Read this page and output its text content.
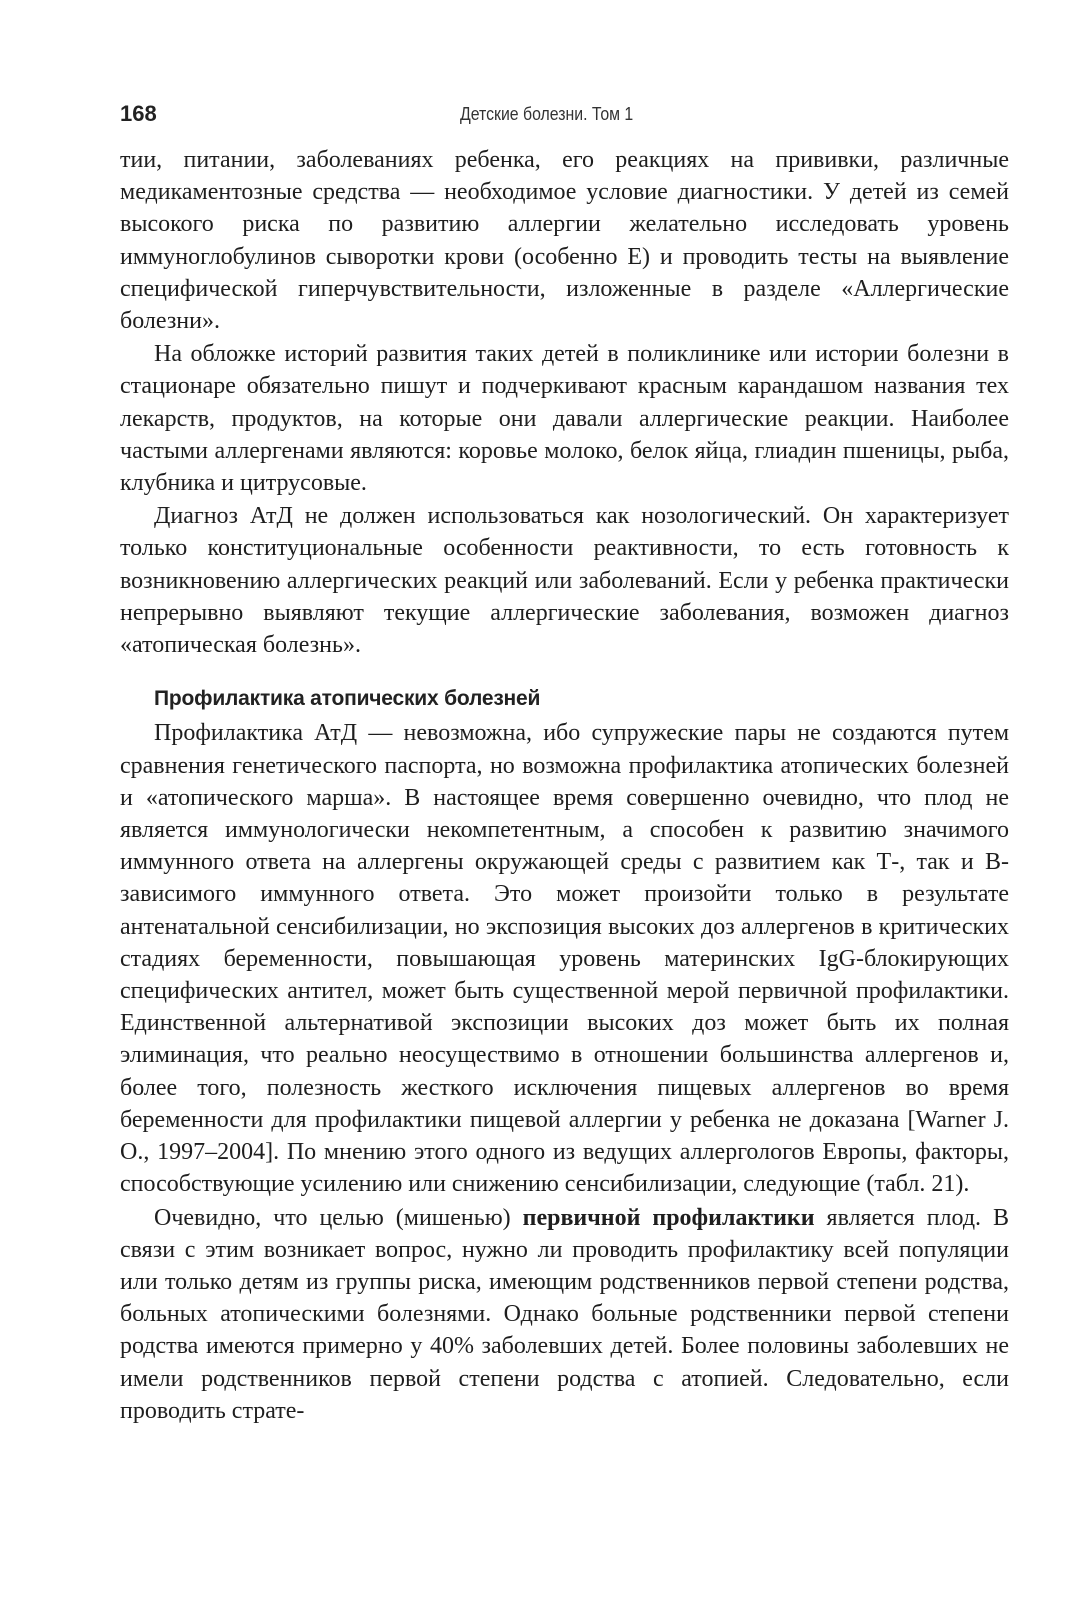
168	Детские болезни. Том 1

тии, питании, заболеваниях ребенка, его реакциях на прививки, различные медикаментозные средства — необходимое условие диагностики. У детей из семей высокого риска по развитию аллергии желательно исследовать уровень иммуноглобулинов сыворотки крови (особенно E) и проводить тесты на выявление специфической гиперчувствительности, изложенные в разделе «Аллергические болезни».

На обложке историй развития таких детей в поликлинике или истории болезни в стационаре обязательно пишут и подчеркивают красным карандашом названия тех лекарств, продуктов, на которые они давали аллергические реакции. Наиболее частыми аллергенами являются: коровье молоко, белок яйца, глиадин пшеницы, рыба, клубника и цитрусовые.

Диагноз АтД не должен использоваться как нозологический. Он характеризует только конституциональные особенности реактивности, то есть готовность к возникновению аллергических реакций или заболеваний. Если у ребенка практически непрерывно выявляют текущие аллергические заболевания, возможен диагноз «атопическая болезнь».

Профилактика атопических болезней

Профилактика АтД — невозможна, ибо супружеские пары не создаются путем сравнения генетического паспорта, но возможна профилактика атопических болезней и «атопического марша». В настоящее время совершенно очевидно, что плод не является иммунологически некомпетентным, а способен к развитию значимого иммунного ответа на аллергены окружающей среды с развитием как Т-, так и В-зависимого иммунного ответа. Это может произойти только в результате антенатальной сенсибилизации, но экспозиция высоких доз аллергенов в критических стадиях беременности, повышающая уровень материнских IgG-блокирующих специфических антител, может быть существенной мерой первичной профилактики. Единственной альтернативой экспозиции высоких доз может быть их полная элиминация, что реально неосуществимо в отношении большинства аллергенов и, более того, полезность жесткого исключения пищевых аллергенов во время беременности для профилактики пищевой аллергии у ребенка не доказана [Warner J. O., 1997–2004]. По мнению этого одного из ведущих аллергологов Европы, факторы, способствующие усилению или снижению сенсибилизации, следующие (табл. 21).

Очевидно, что целью (мишенью) первичной профилактики является плод. В связи с этим возникает вопрос, нужно ли проводить профилактику всей популяции или только детям из группы риска, имеющим родственников первой степени родства, больных атопическими болезнями. Однако больные родственники первой степени родства имеются примерно у 40% заболевших детей. Более половины заболевших не имели родственников первой степени родства с атопией. Следовательно, если проводить страте-
